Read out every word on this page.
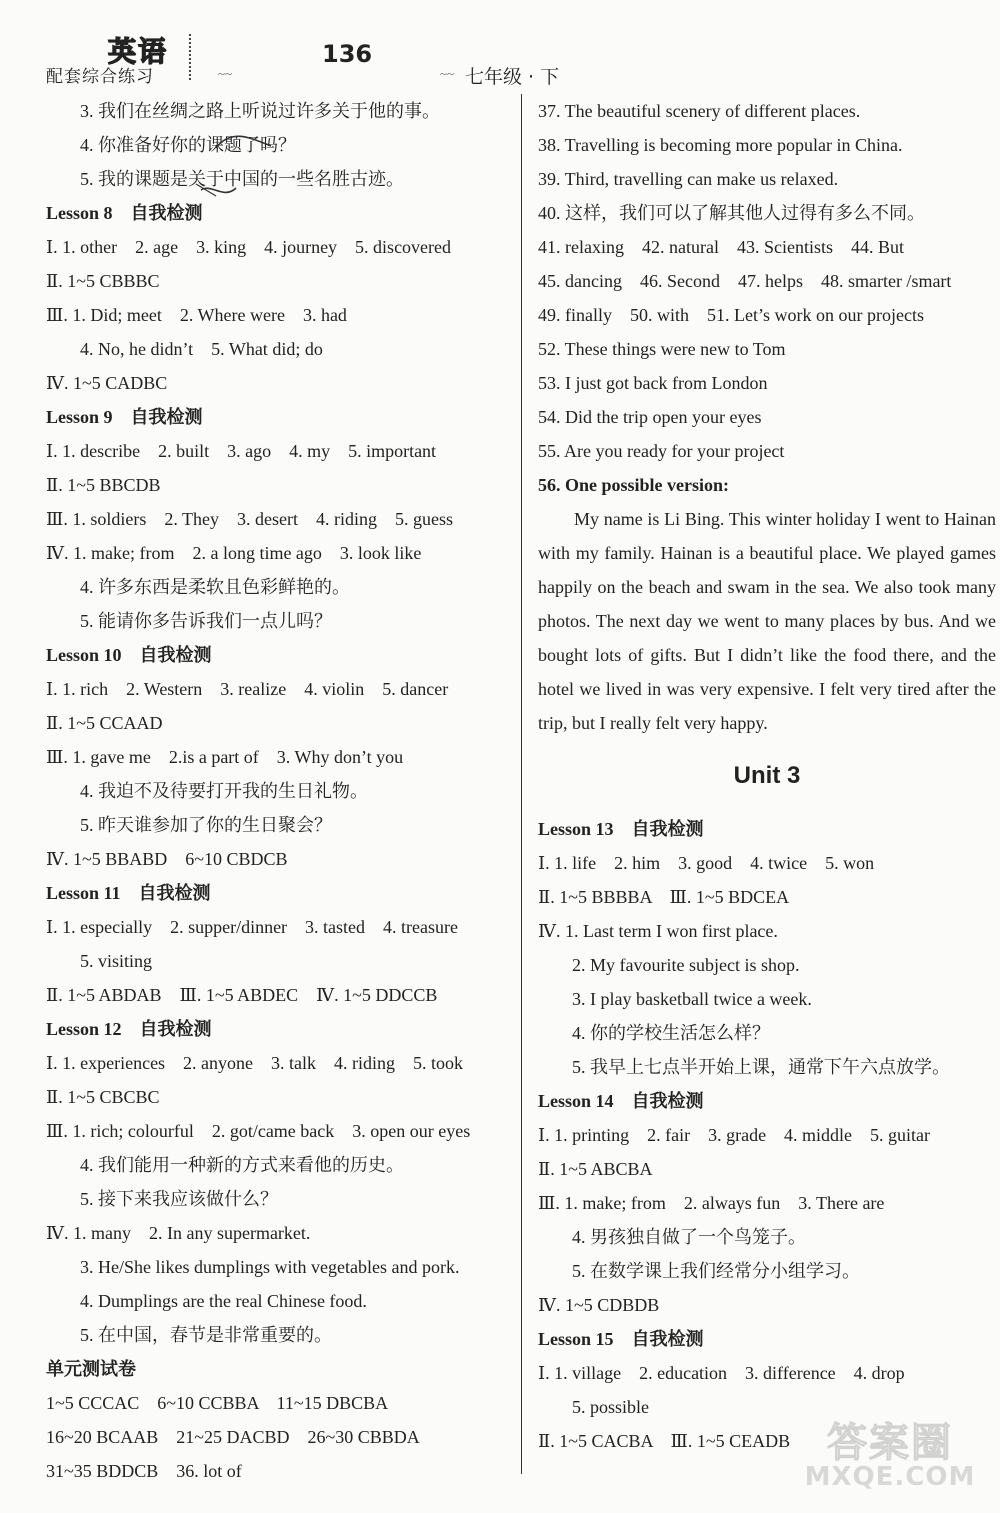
英语
配套综合练习	~~
136
~~ 七年级 · 下
3. 我们在丝绸之路上听说过许多关于他的事。
4. 你准备好你的课题了吗？
5. 我的课题是关于中国的一些名胜古迹。
Lesson 8　自我检测
Ⅰ. 1. other　2. age　3. king　4. journey　5. discovered
Ⅱ. 1~5 CBBBC
Ⅲ. 1. Did; meet　2. Where were　3. had
4. No, he didn’t　5. What did; do
Ⅳ. 1~5 CADBC
Lesson 9　自我检测
Ⅰ. 1. describe　2. built　3. ago　4. my　5. important
Ⅱ. 1~5 BBCDB
Ⅲ. 1. soldiers　2. They　3. desert　4. riding　5. guess
Ⅳ. 1. make; from　2. a long time ago　3. look like
4. 许多东西是柔软且色彩鲜艳的。
5. 能请你多告诉我们一点儿吗？
Lesson 10　自我检测
Ⅰ. 1. rich　2. Western　3. realize　4. violin　5. dancer
Ⅱ. 1~5 CCAAD
Ⅲ. 1. gave me　2.is a part of　3. Why don’t you
4. 我迫不及待要打开我的生日礼物。
5. 昨天谁参加了你的生日聚会？
Ⅳ. 1~5 BBABD　6~10 CBDCB
Lesson 11　自我检测
Ⅰ. 1. especially　2. supper/dinner　3. tasted　4. treasure
5. visiting
Ⅱ. 1~5 ABDAB　Ⅲ. 1~5 ABDEC　Ⅳ. 1~5 DDCCB
Lesson 12　自我检测
Ⅰ. 1. experiences　2. anyone　3. talk　4. riding　5. took
Ⅱ. 1~5 CBCBC
Ⅲ. 1. rich; colourful　2. got/came back　3. open our eyes
4. 我们能用一种新的方式来看他的历史。
5. 接下来我应该做什么？
Ⅳ. 1. many　2. In any supermarket.
3. He/She likes dumplings with vegetables and pork.
4. Dumplings are the real Chinese food.
5. 在中国，春节是非常重要的。
单元测试卷
1~5 CCCAC　6~10 CCBBA　11~15 DBCBA
16~20 BCAAB　21~25 DACBD　26~30 CBBDA
31~35 BDDCB　36. lot of
37. The beautiful scenery of different places.
38. Travelling is becoming more popular in China.
39. Third, travelling can make us relaxed.
40. 这样，我们可以了解其他人过得有多么不同。
41. relaxing　42. natural　43. Scientists　44. But
45. dancing　46. Second　47. helps　48. smarter /smart
49. finally　50. with　51. Let’s work on our projects
52. These things were new to Tom
53. I just got back from London
54. Did the trip open your eyes
55. Are you ready for your project
56. One possible version:

My name is Li Bing. This winter holiday I went to Hainan with my family. Hainan is a beautiful place. We played games happily on the beach and swam in the sea. We also took many photos. The next day we went to many places by bus. And we bought lots of gifts. But I didn’t like the food there, and the hotel we lived in was very expensive. I felt very tired after the trip, but I really felt very happy.

Unit 3
Lesson 13　自我检测
Ⅰ. 1. life　2. him　3. good　4. twice　5. won
Ⅱ. 1~5 BBBBA　Ⅲ. 1~5 BDCEA
Ⅳ. 1. Last term I won first place.
2. My favourite subject is shop.
3. I play basketball twice a week.
4. 你的学校生活怎么样？
5. 我早上七点半开始上课，通常下午六点放学。
Lesson 14　自我检测
Ⅰ. 1. printing　2. fair　3. grade　4. middle　5. guitar
Ⅱ. 1~5 ABCBA
Ⅲ. 1. make; from　2. always fun　3. There are
4. 男孩独自做了一个鸟笼子。
5. 在数学课上我们经常分小组学习。
Ⅳ. 1~5 CDBDB
Lesson 15　自我检测
Ⅰ. 1. village　2. education　3. difference　4. drop
5. possible
Ⅱ. 1~5 CACBA　Ⅲ. 1~5 CEADB 答案圈
MXQE.COM
